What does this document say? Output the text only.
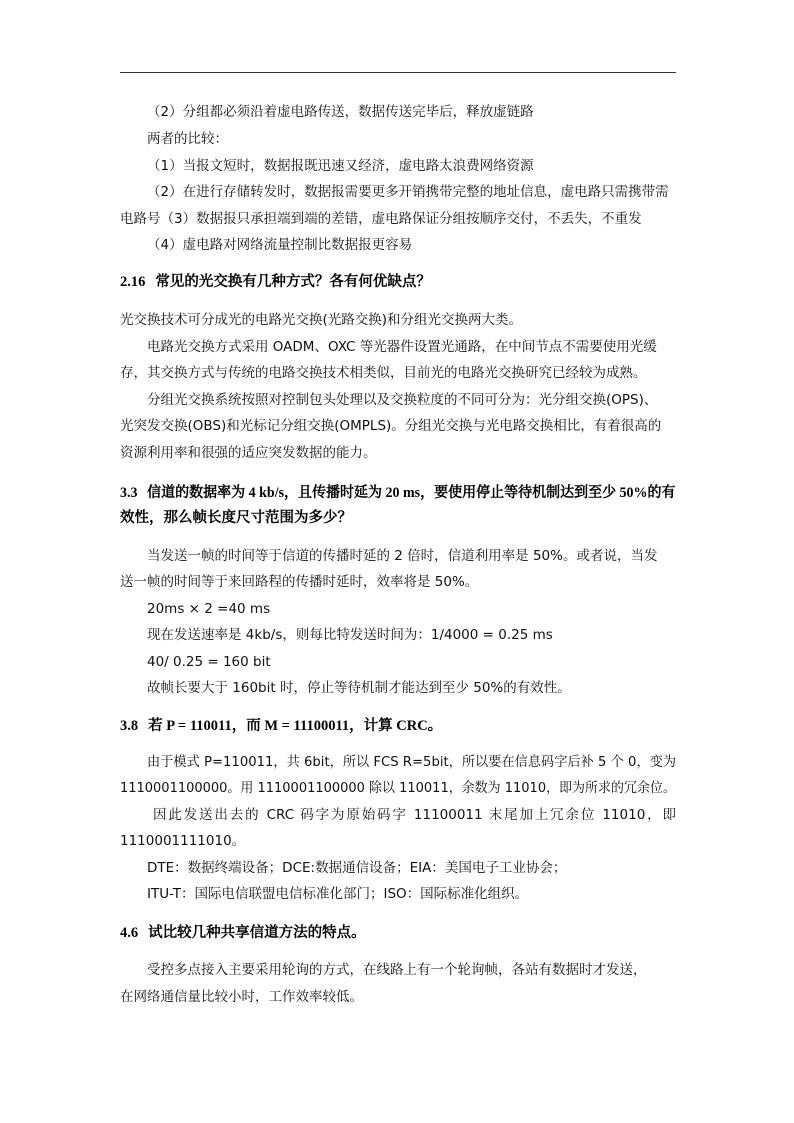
（2）分组都必须沿着虚电路传送，数据传送完毕后，释放虚链路
两者的比较：
（1）当报文短时，数据报既迅速又经济，虚电路太浪费网络资源
（2）在进行存储转发时，数据报需要更多开销携带完整的地址信息，虚电路只需携带需
电路号（3）数据报只承担端到端的差错，虚电路保证分组按顺序交付，不丢失，不重发
（4）虚电路对网络流量控制比数据报更容易
2.16 常见的光交换有几种方式？各有何优缺点？
光交换技术可分成光的电路光交换(光路交换)和分组光交换两大类。
电路光交换方式采用 OADM、OXC 等光器件设置光通路，在中间节点不需要使用光缓
存，其交换方式与传统的电路交换技术相类似，目前光的电路光交换研究已经较为成熟。
分组光交换系统按照对控制包头处理以及交换粒度的不同可分为：光分组交换(OPS)、
光突发交换(OBS)和光标记分组交换(OMPLS)。分组光交换与光电路交换相比，有着很高的
资源利用率和很强的适应突发数据的能力。
3.3 信道的数据率为 4 kb/s，且传播时延为 20 ms，要使用停止等待机制达到至少 50%的有
效性，那么帧长度尺寸范围为多少？
当发送一帧的时间等于信道的传播时延的 2 倍时，信道利用率是 50%。或者说，当发
送一帧的时间等于来回路程的传播时延时，效率将是 50%。
20ms × 2 =40 ms
现在发送速率是 4kb/s，则每比特发送时间为：1/4000 = 0.25 ms
40/ 0.25 = 160 bit
故帧长要大于 160bit 时，停止等待机制才能达到至少 50%的有效性。
3.8 若 P = 110011，而 M = 11100011，计算 CRC。
由于模式 P=110011，共 6bit，所以 FCS R=5bit，所以要在信息码字后补 5 个 0，变为
1110001100000。用 1110001100000 除以 110011，余数为 11010，即为所求的冗余位。
因此发送出去的 CRC 码字为原始码字 11100011 末尾加上冗余位 11010，即
1110001111010。
DTE：数据终端设备；DCE:数据通信设备；EIA：美国电子工业协会；
ITU-T：国际电信联盟电信标准化部门；ISO：国际标准化组织。
4.6 试比较几种共享信道方法的特点。
受控多点接入主要采用轮询的方式，在线路上有一个轮询帧，各站有数据时才发送，
在网络通信量比较小时，工作效率较低。
